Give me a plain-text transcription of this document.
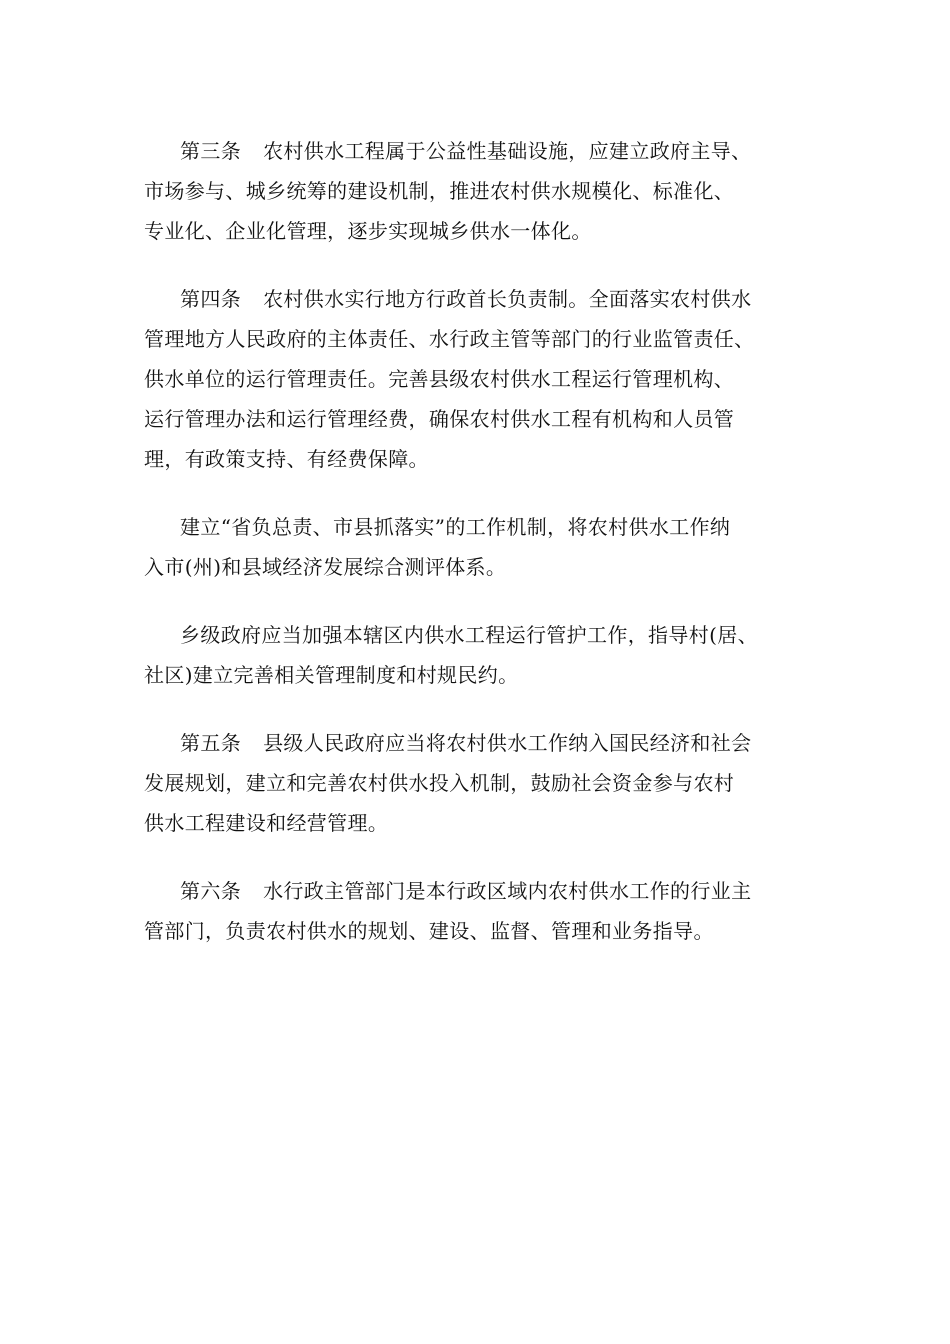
第三条 农村供水工程属于公益性基础设施，应建立政府主导、
市场参与、城乡统筹的建设机制，推进农村供水规模化、标准化、
专业化、企业化管理，逐步实现城乡供水一体化。

第四条 农村供水实行地方行政首长负责制。全面落实农村供水
管理地方人民政府的主体责任、水行政主管等部门的行业监管责任、
供水单位的运行管理责任。完善县级农村供水工程运行管理机构、
运行管理办法和运行管理经费，确保农村供水工程有机构和人员管
理，有政策支持、有经费保障。

建立“省负总责、市县抓落实”的工作机制，将农村供水工作纳
入市(州)和县域经济发展综合测评体系。

乡级政府应当加强本辖区内供水工程运行管护工作，指导村(居、
社区)建立完善相关管理制度和村规民约。

第五条 县级人民政府应当将农村供水工作纳入国民经济和社会
发展规划，建立和完善农村供水投入机制，鼓励社会资金参与农村
供水工程建设和经营管理。

第六条 水行政主管部门是本行政区域内农村供水工作的行业主
管部门，负责农村供水的规划、建设、监督、管理和业务指导。
